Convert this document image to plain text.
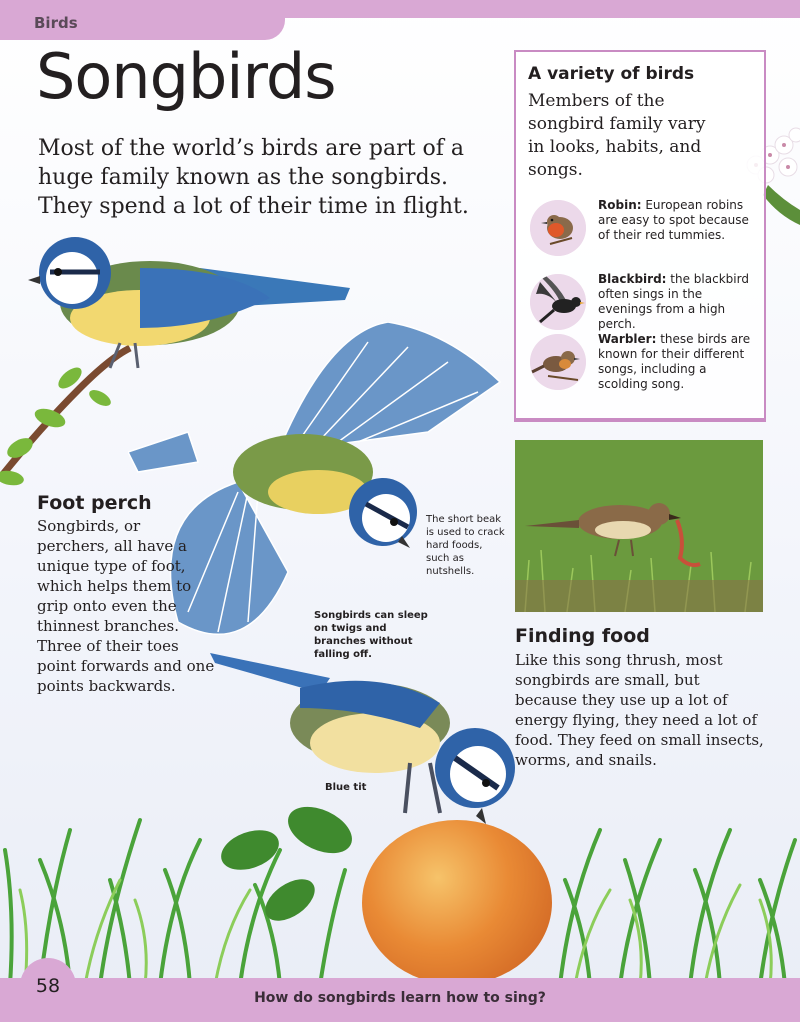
Birds
Songbirds
Most of the world’s birds are part of a huge family known as the songbirds. They spend a lot of their time in flight.
A variety of birds
Members of the songbird family vary in looks, habits, and songs.
Robin: European robins are easy to spot because of their red tummies.
Blackbird: the blackbird often sings in the evenings from a high perch.
Warbler: these birds are known for their different songs, including a scolding song.
Foot perch
Songbirds, or perchers, all have a unique type of foot, which helps them to grip onto even the thinnest branches. Three of their toes point forwards and one points backwards.
The short beak is used to crack hard foods, such as nutshells.
Songbirds can sleep on twigs and branches without falling off.
Blue tit
Finding food
Like this song thrush, most songbirds are small, but because they use up a lot of energy flying, they need a lot of food. They feed on small insects, worms, and snails.
58
How do songbirds learn how to sing?
